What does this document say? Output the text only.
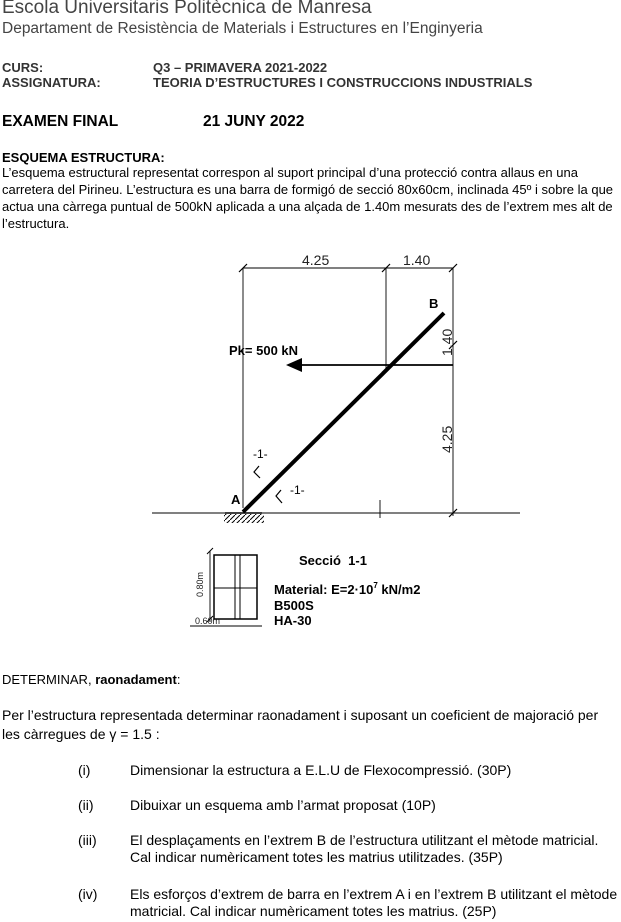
Escola Universitaris Politècnica de Manresa
Departament de Resistència de Materials i Estructures en l’Enginyeria
CURS:	Q3 – PRIMAVERA 2021-2022
ASSIGNATURA:	TEORIA D’ESTRUCTURES I CONSTRUCCIONS INDUSTRIALS
EXAMEN FINAL	21 JUNY 2022
ESQUEMA ESTRUCTURA:
L’esquema estructural representat correspon al suport principal d’una protecció contra allaus en una carretera del Pirineu. L’estructura es una barra de formigó de secció 80x60cm, inclinada 45º i sobre la que actua una càrrega puntual de 500kN aplicada a una alçada de 1.40m mesurats des de l’extrem mes alt de l’estructura.
4.25	1.40
1.40
4.25
B
A
Pk= 500 kN
-1-
-1-
0.80m
0.60m
Secció  1-1
Material: $E=2\cdot 10^7$ kN/m2
B500S
HA-30
DETERMINAR, raonadament:
Per l’estructura representada determinar raonadament i suposant un coeficient de majoració per les càrregues de γ = 1.5 :
(i)	Dimensionar la estructura a E.L.U de Flexocompressió. (30P)
(ii)	Dibuixar un esquema amb l’armat proposat (10P)
(iii) El desplaçaments en l’extrem B de l’estructura utilitzant el mètode matricial. Cal indicar numèricament totes les matrius utilitzades. (35P)
(iv) Els esforços d’extrem de barra en l’extrem A i en l’extrem B utilitzant el mètode matricial. Cal indicar numèricament totes les matrius. (25P)
